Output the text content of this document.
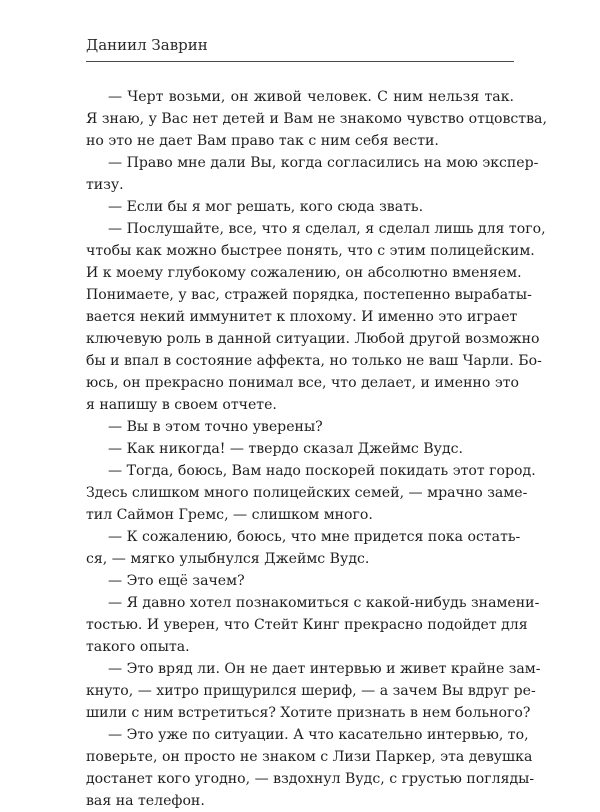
Даниил Заврин
— Черт возьми, он живой человек. С ним нельзя так.
Я знаю, у Вас нет детей и Вам не знакомо чувство отцовства,
но это не дает Вам право так с ним себя вести.
— Право мне дали Вы, когда согласились на мою экспер-
тизу.
— Если бы я мог решать, кого сюда звать.
— Послушайте, все, что я сделал, я сделал лишь для того,
чтобы как можно быстрее понять, что с этим полицейским.
И к моему глубокому сожалению, он абсолютно вменяем.
Понимаете, у вас, стражей порядка, постепенно вырабаты-
вается некий иммунитет к плохому. И именно это играет
ключевую роль в данной ситуации. Любой другой возможно
бы и впал в состояние аффекта, но только не ваш Чарли. Бо-
юсь, он прекрасно понимал все, что делает, и именно это
я напишу в своем отчете.
— Вы в этом точно уверены?
— Как никогда! — твердо сказал Джеймс Вудс.
— Тогда, боюсь, Вам надо поскорей покидать этот город.
Здесь слишком много полицейских семей, — мрачно замe-
тил Саймон Гремс, — слишком много.
— К сожалению, боюсь, что мне придется пока остать-
ся, — мягко улыбнулся Джеймс Вудс.
— Это ещё зачем?
— Я давно хотел познакомиться с какой-нибудь знамени-
тостью. И уверен, что Стейт Кинг прекрасно подойдет для
такого опыта.
— Это вряд ли. Он не дает интервью и живет крайне зам-
кнуто, — хитро прищурился шериф, — а зачем Вы вдруг ре-
шили с ним встретиться? Хотите признать в нем больного?
— Это уже по ситуации. А что касательно интервью, то,
поверьте, он просто не знаком с Лизи Паркер, эта девушка
достанет кого угодно, — вздохнул Вудс, с грустью погляды-
вая на телефон.
